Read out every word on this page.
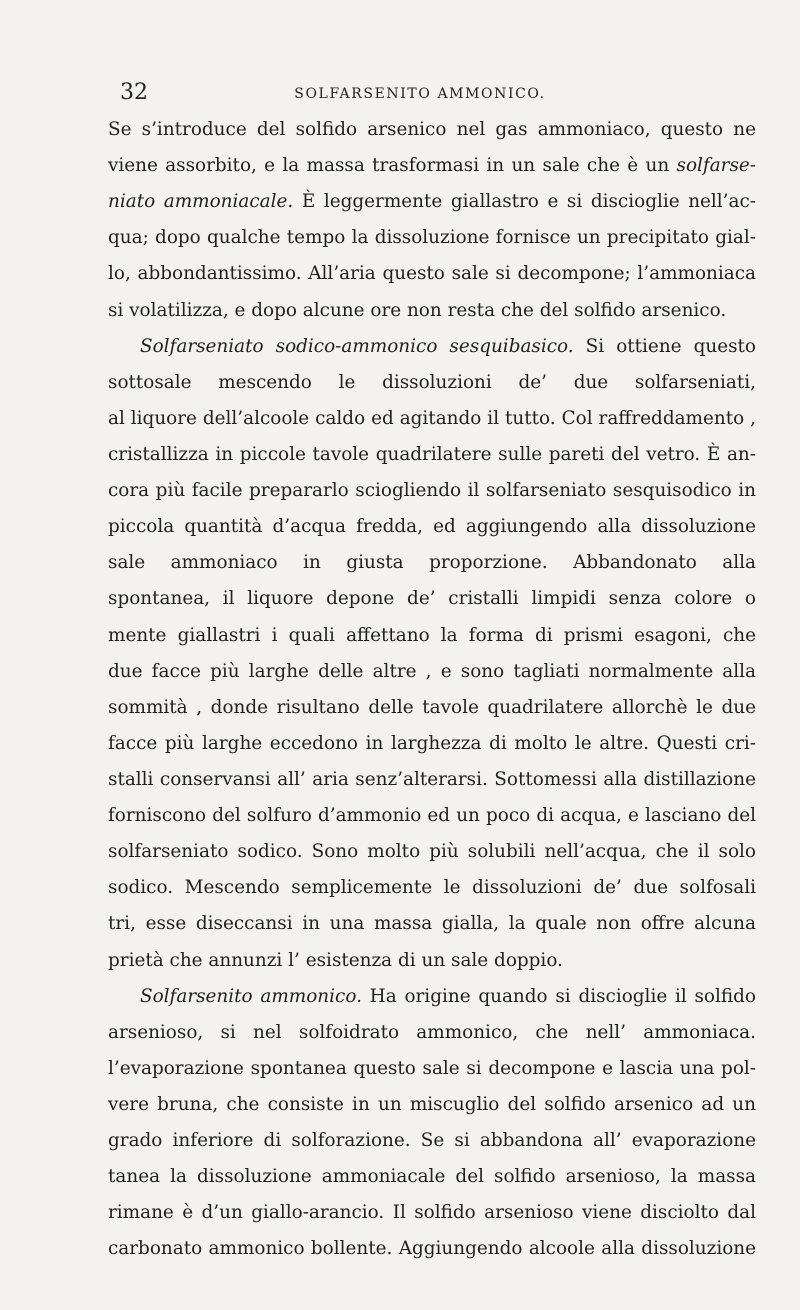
32	SOLFARSENITO AMMONICO.
Se s’introduce del solfido arsenico nel gas ammoniaco, questo ne
viene assorbito, e la massa trasformasi in un sale che è un solfarse-
niato ammoniacale. È leggermente giallastro e si discioglie nell’ac-
qua; dopo qualche tempo la dissoluzione fornisce un precipitato gial-
lo, abbondantissimo. All’aria questo sale si decompone; l’ammoniaca
si volatilizza, e dopo alcune ore non resta che del solfido arsenico.
Solfarseniato sodico-ammonico sesquibasico. Si ottiene questo
sottosale mescendo le dissoluzioni de’ due solfarseniati,
al liquore dell’alcoole caldo ed agitando il tutto. Col raffreddamento ,
cristallizza in piccole tavole quadrilatere sulle pareti del vetro. È an-
cora più facile prepararlo sciogliendo il solfarseniato sesquisodico in
piccola quantità d’acqua fredda, ed aggiungendo alla dissoluzione
sale ammoniaco in giusta proporzione. Abbandonato alla
spontanea, il liquore depone de’ cristalli limpidi senza colore o
mente giallastri i quali affettano la forma di prismi esagoni, che
due facce più larghe delle altre , e sono tagliati normalmente alla
sommità , donde risultano delle tavole quadrilatere allorchè le due
facce più larghe eccedono in larghezza di molto le altre. Questi cri-
stalli conservansi all’ aria senz’alterarsi. Sottomessi alla distillazione
forniscono del solfuro d’ammonio ed un poco di acqua, e lasciano del
solfarseniato sodico. Sono molto più solubili nell’acqua, che il solo
sodico. Mescendo semplicemente le dissoluzioni de’ due solfosali
tri, esse diseccansi in una massa gialla, la quale non offre alcuna
prietà che annunzi l’ esistenza di un sale doppio.
Solfarsenito ammonico. Ha origine quando si discioglie il solfido
arsenioso, si nel solfoidrato ammonico, che nell’ ammoniaca.
l’evaporazione spontanea questo sale si decompone e lascia una pol-
vere bruna, che consiste in un miscuglio del solfido arsenico ad un
grado inferiore di solforazione. Se si abbandona all’ evaporazione
tanea la dissoluzione ammoniacale del solfido arsenioso, la massa
rimane è d’un giallo-arancio. Il solfido arsenioso viene disciolto dal
carbonato ammonico bollente. Aggiungendo alcoole alla dissoluzione
